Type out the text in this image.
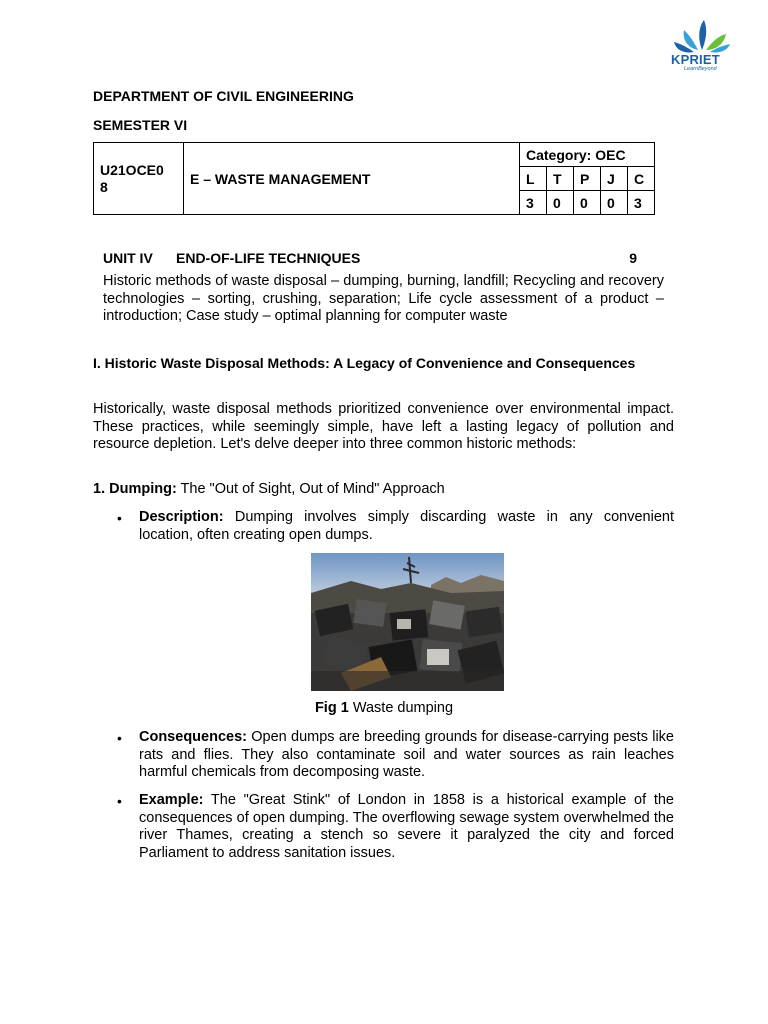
KPRIET
LearnBeyond
DEPARTMENT OF CIVIL ENGINEERING
SEMESTER VI
U21OCE0
8	E – WASTE MANAGEMENT	Category: OEC				
		L	T	P	J	C
		3	0	0	0	3
UNIT IV END-OF-LIFE TECHNIQUES	9
Historic methods of waste disposal – dumping, burning, landfill; Recycling and recovery technologies – sorting, crushing, separation; Life cycle assessment of a product – introduction; Case study – optimal planning for computer waste
I. Historic Waste Disposal Methods: A Legacy of Convenience and Consequences
Historically, waste disposal methods prioritized convenience over environmental impact. These practices, while seemingly simple, have left a lasting legacy of pollution and resource depletion. Let's delve deeper into three common historic methods:
1. Dumping: The "Out of Sight, Out of Mind" Approach
• Description: Dumping involves simply discarding waste in any convenient location, often creating open dumps.
Fig 1 Waste dumping
• Consequences: Open dumps are breeding grounds for disease-carrying pests like rats and flies. They also contaminate soil and water sources as rain leaches harmful chemicals from decomposing waste.
• Example: The "Great Stink" of London in 1858 is a historical example of the consequences of open dumping. The overflowing sewage system overwhelmed the river Thames, creating a stench so severe it paralyzed the city and forced Parliament to address sanitation issues.
